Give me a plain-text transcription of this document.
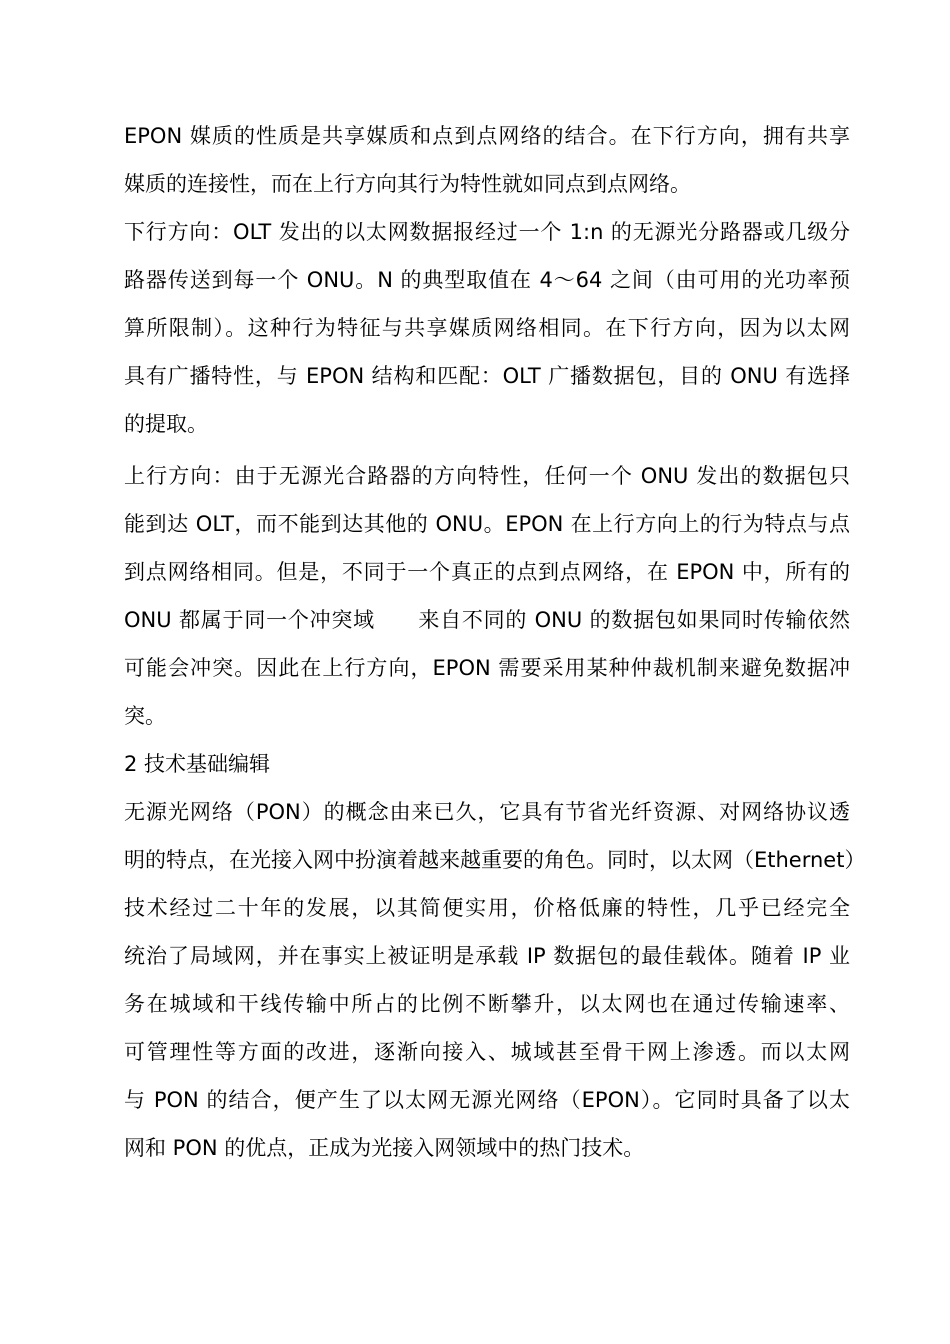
EPON 媒质的性质是共享媒质和点到点网络的结合。在下行方向，拥有共享
媒质的连接性，而在上行方向其行为特性就如同点到点网络。
下行方向：OLT 发出的以太网数据报经过一个 1:n 的无源光分路器或几级分
路器传送到每一个 ONU。N 的典型取值在 4～64 之间（由可用的光功率预
算所限制）。这种行为特征与共享媒质网络相同。在下行方向，因为以太网
具有广播特性，与 EPON 结构和匹配：OLT 广播数据包，目的 ONU 有选择
的提取。
上行方向：由于无源光合路器的方向特性，任何一个 ONU 发出的数据包只
能到达 OLT，而不能到达其他的 ONU。EPON 在上行方向上的行为特点与点
到点网络相同。但是，不同于一个真正的点到点网络，在 EPON 中，所有的
ONU 都属于同一个冲突域　　来自不同的 ONU 的数据包如果同时传输依然
可能会冲突。因此在上行方向，EPON 需要采用某种仲裁机制来避免数据冲
突。
2 技术基础编辑
无源光网络（PON）的概念由来已久，它具有节省光纤资源、对网络协议透
明的特点，在光接入网中扮演着越来越重要的角色。同时，以太网（Ethernet）
技术经过二十年的发展，以其简便实用，价格低廉的特性，几乎已经完全
统治了局域网，并在事实上被证明是承载 IP 数据包的最佳载体。随着 IP 业
务在城域和干线传输中所占的比例不断攀升，以太网也在通过传输速率、
可管理性等方面的改进，逐渐向接入、城域甚至骨干网上渗透。而以太网
与 PON 的结合，便产生了以太网无源光网络（EPON）。它同时具备了以太
网和 PON 的优点，正成为光接入网领域中的热门技术。
